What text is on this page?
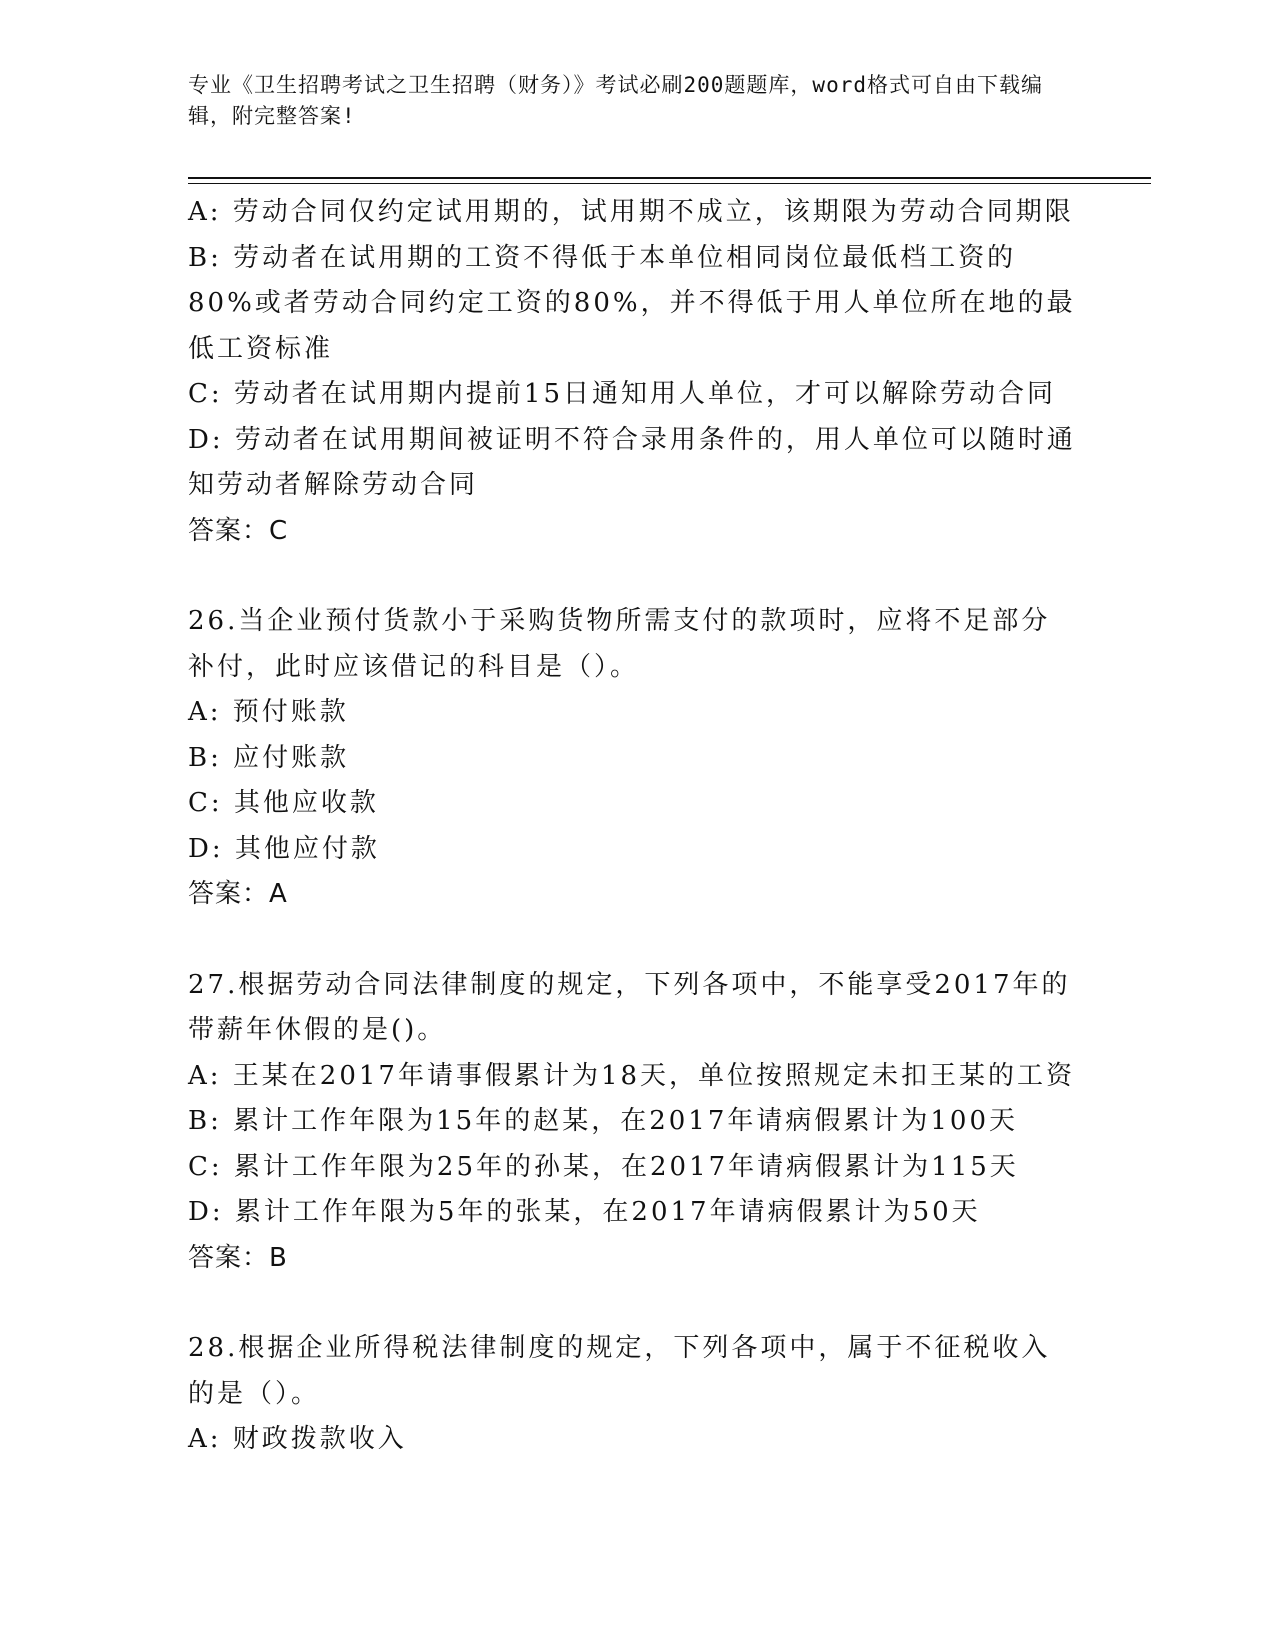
专业《卫生招聘考试之卫生招聘（财务）》考试必刷200题题库，word格式可自由下载编辑，附完整答案!

A: 劳动合同仅约定试用期的，试用期不成立，该期限为劳动合同期限

B: 劳动者在试用期的工资不得低于本单位相同岗位最低档工资的80%或者劳动合同约定工资的80%，并不得低于用人单位所在地的最低工资标准

C: 劳动者在试用期内提前15日通知用人单位，才可以解除劳动合同

D: 劳动者在试用期间被证明不符合录用条件的，用人单位可以随时通知劳动者解除劳动合同

答案：C

26.当企业预付货款小于采购货物所需支付的款项时，应将不足部分补付，此时应该借记的科目是（）。

A: 预付账款

B: 应付账款

C: 其他应收款

D: 其他应付款

答案：A

27.根据劳动合同法律制度的规定，下列各项中，不能享受2017年的带薪年休假的是()。

A: 王某在2017年请事假累计为18天，单位按照规定未扣王某的工资

B: 累计工作年限为15年的赵某，在2017年请病假累计为100天

C: 累计工作年限为25年的孙某，在2017年请病假累计为115天

D: 累计工作年限为5年的张某，在2017年请病假累计为50天

答案：B

28.根据企业所得税法律制度的规定，下列各项中，属于不征税收入的是（）。

A: 财政拨款收入
